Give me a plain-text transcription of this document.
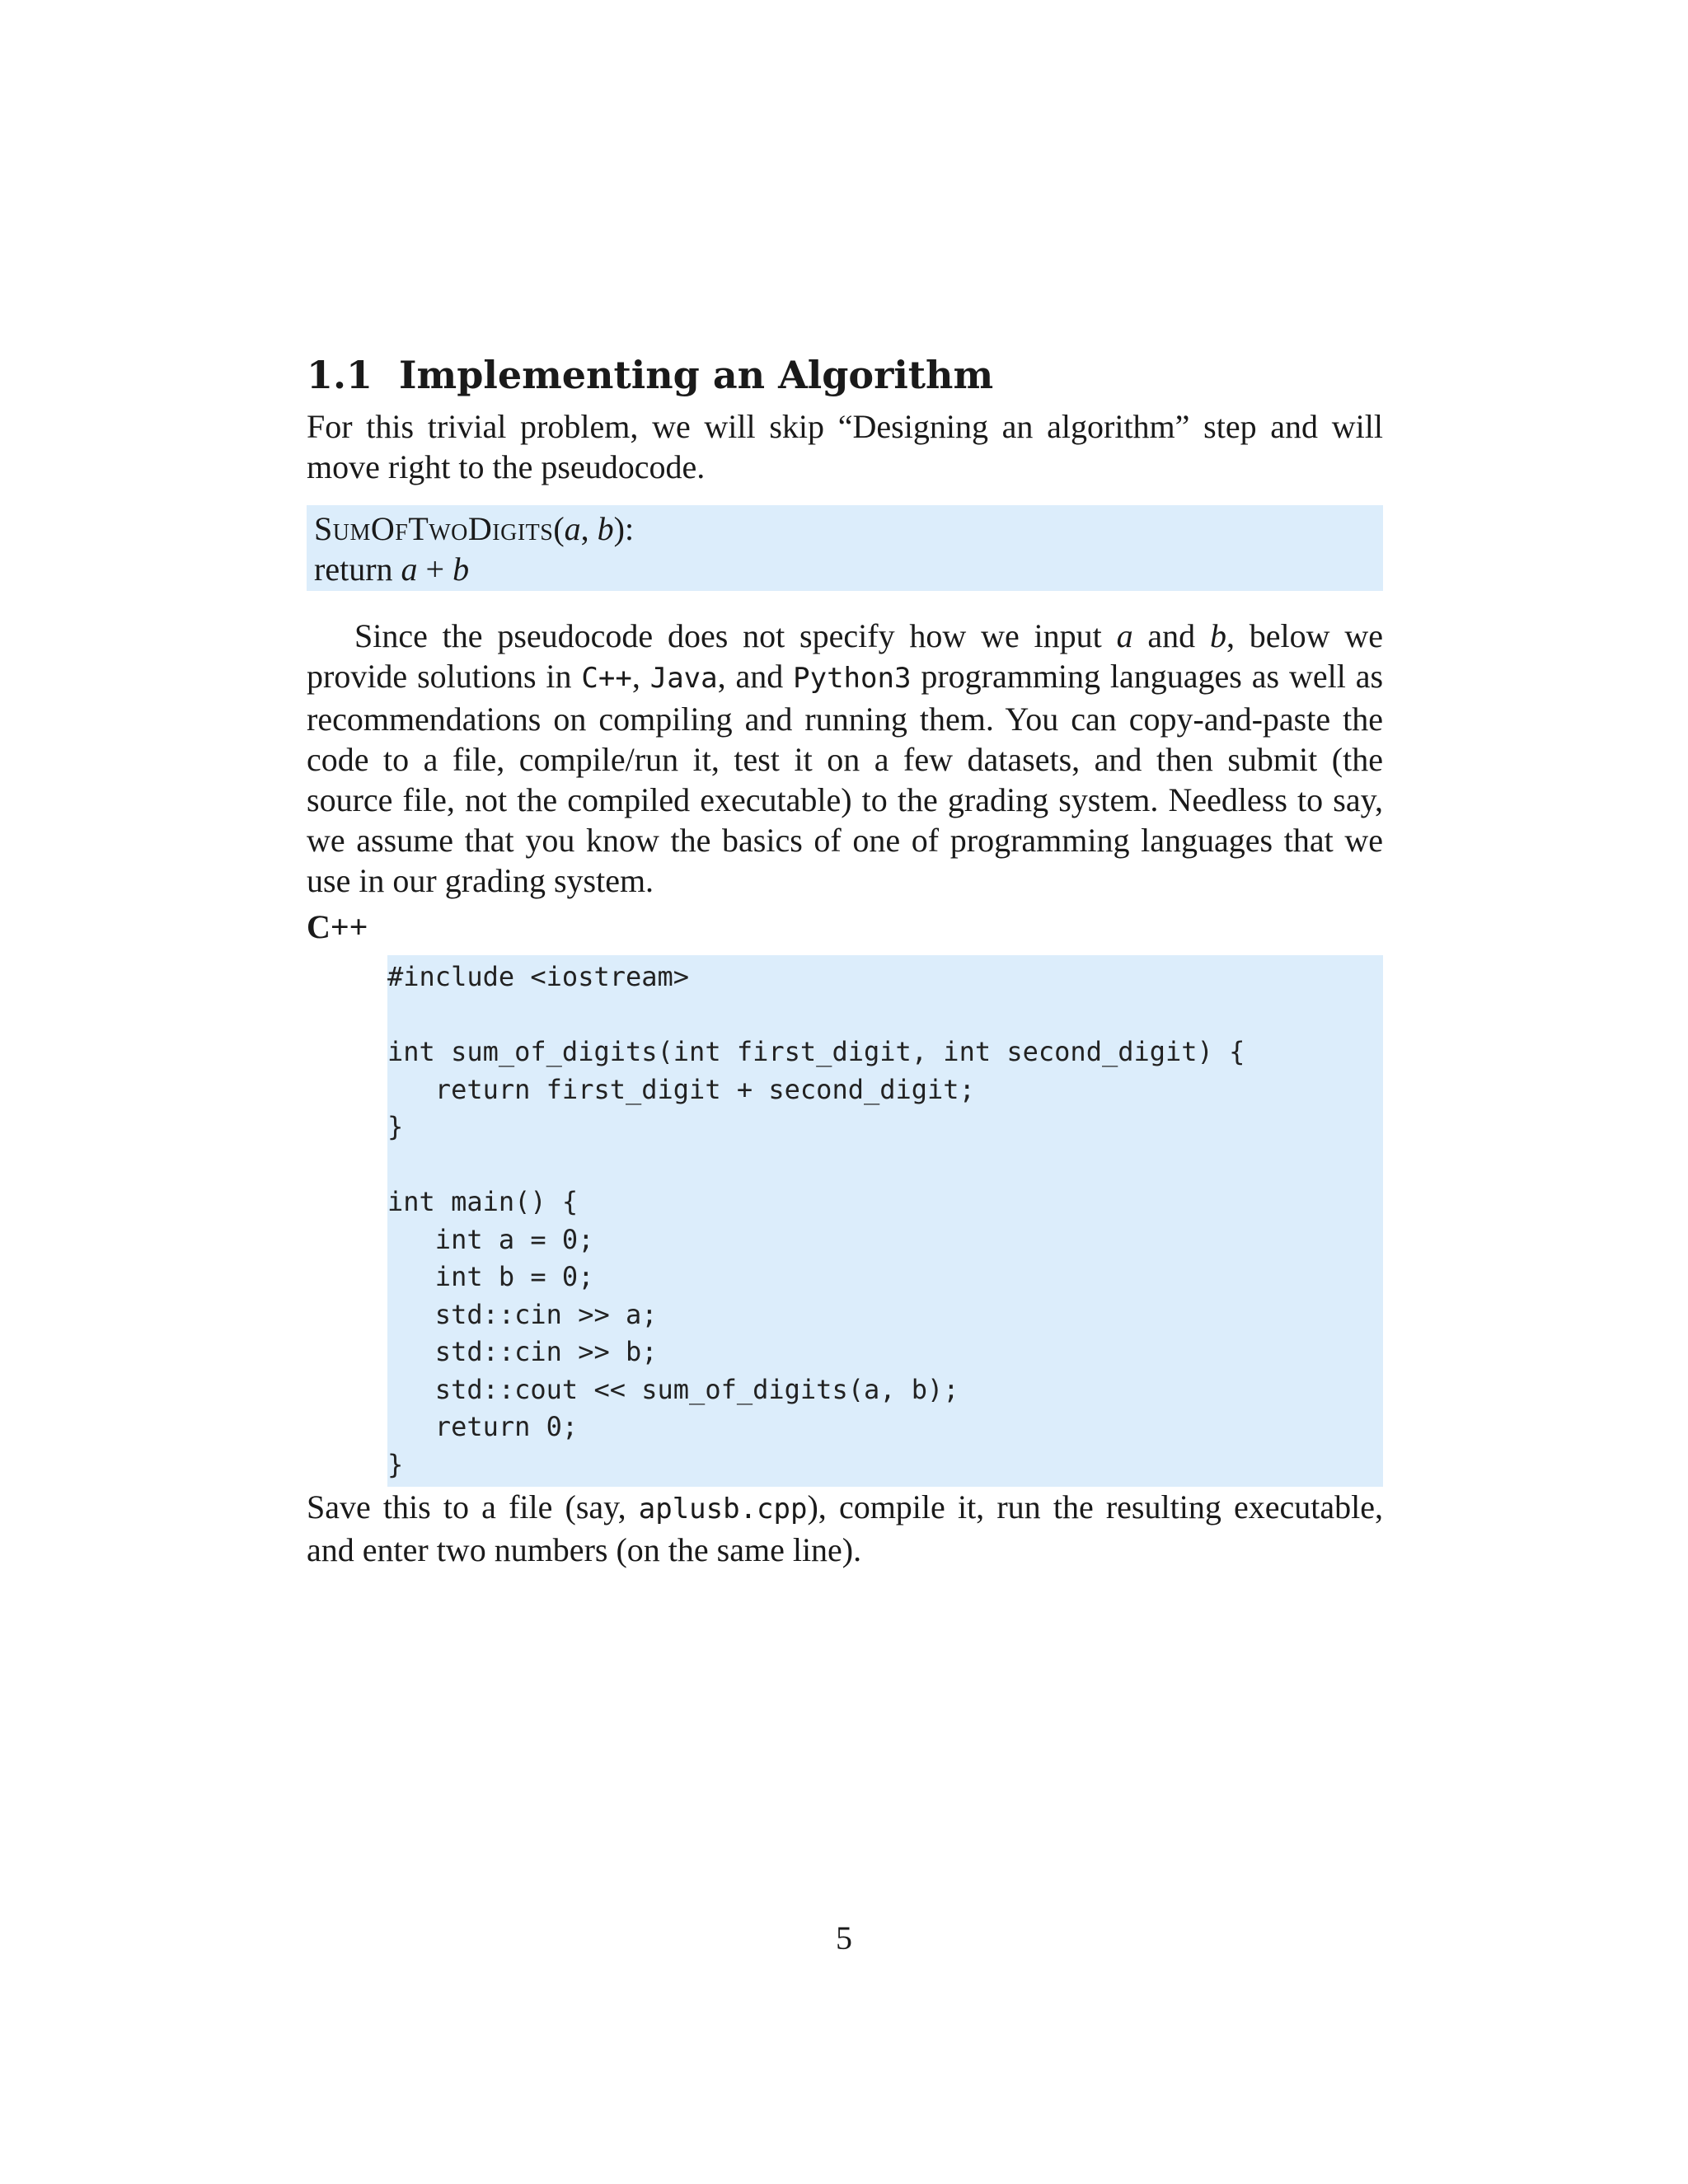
1.1 Implementing an Algorithm

For this trivial problem, we will skip “Designing an algorithm” step and will move right to the pseudocode.

SumOfTwoDigits(a, b):
return a + b

Since the pseudocode does not specify how we input a and b, below we provide solutions in C++, Java, and Python3 programming languages as well as recommendations on compiling and running them. You can copy-and-paste the code to a file, compile/run it, test it on a few datasets, and then submit (the source file, not the compiled executable) to the grading system. Needless to say, we assume that you know the basics of one of programming languages that we use in our grading system.

C++
#include <iostream>
int sum_of_digits(int first_digit, int second_digit) {
return first_digit + second_digit;
}
int main() {
int a = 0;
int b = 0;
std::cin >> a;
std::cin >> b;
std::cout << sum_of_digits(a, b);
return 0;
}

Save this to a file (say, aplusb.cpp), compile it, run the resulting executable, and enter two numbers (on the same line).

5
